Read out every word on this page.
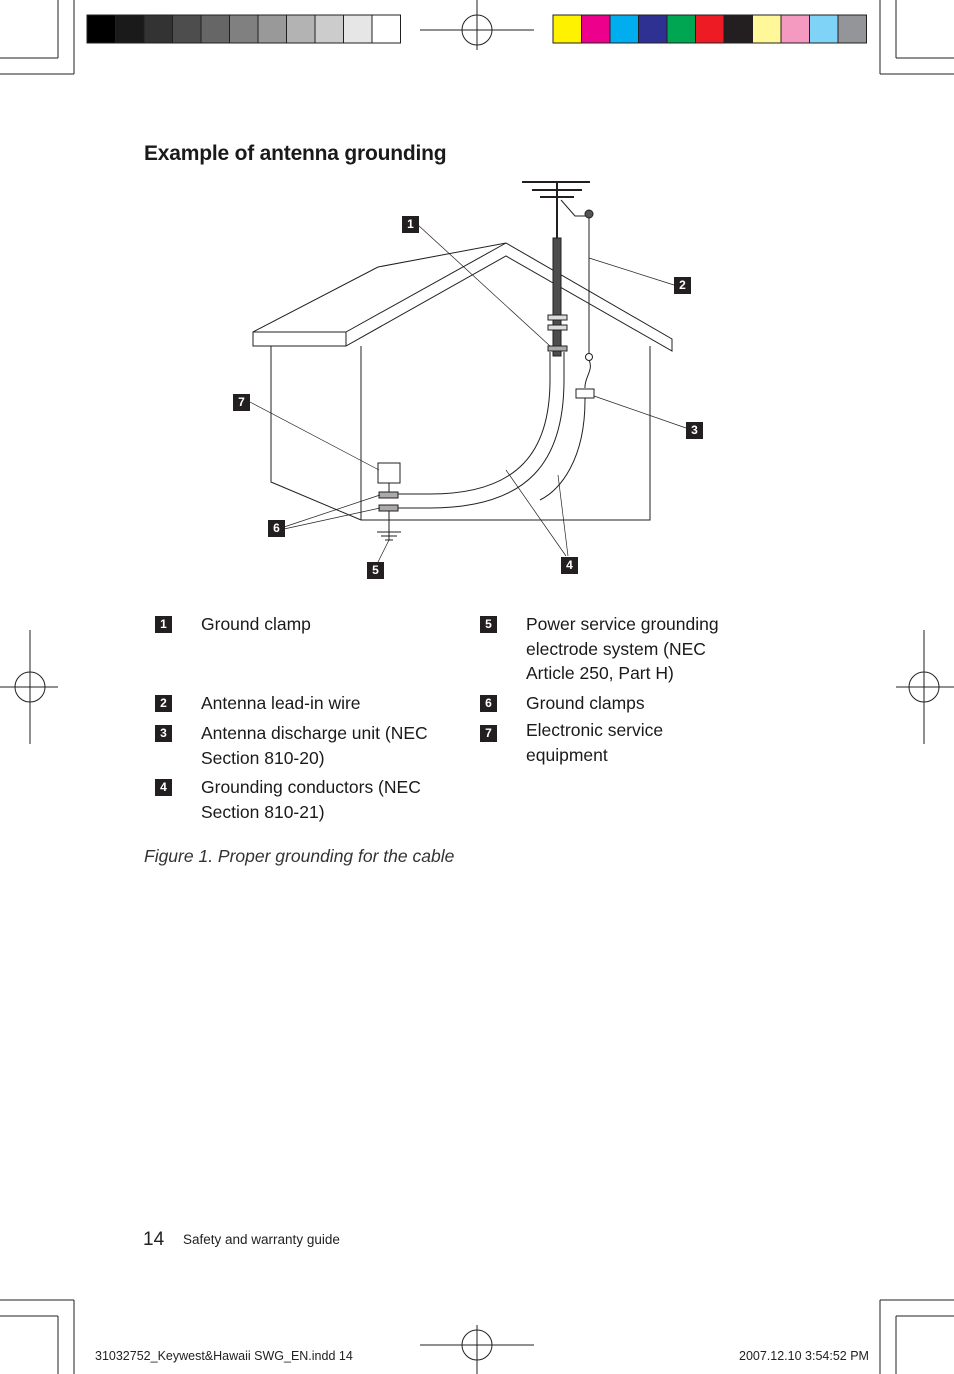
Example of antenna grounding
1
2
3
4
5
6
7
1 Ground clamp
2 Antenna lead-in wire
3 Antenna discharge unit (NEC Section 810-20)
4 Grounding conductors (NEC Section 810-21)
5 Power service grounding electrode system (NEC Article 250, Part H)
6 Ground clamps
7 Electronic service equipment
Figure 1. Proper grounding for the cable
14 Safety and warranty guide
31032752_Keywest&Hawaii SWG_EN.indd 14	2007.12.10 3:54:52 PM
